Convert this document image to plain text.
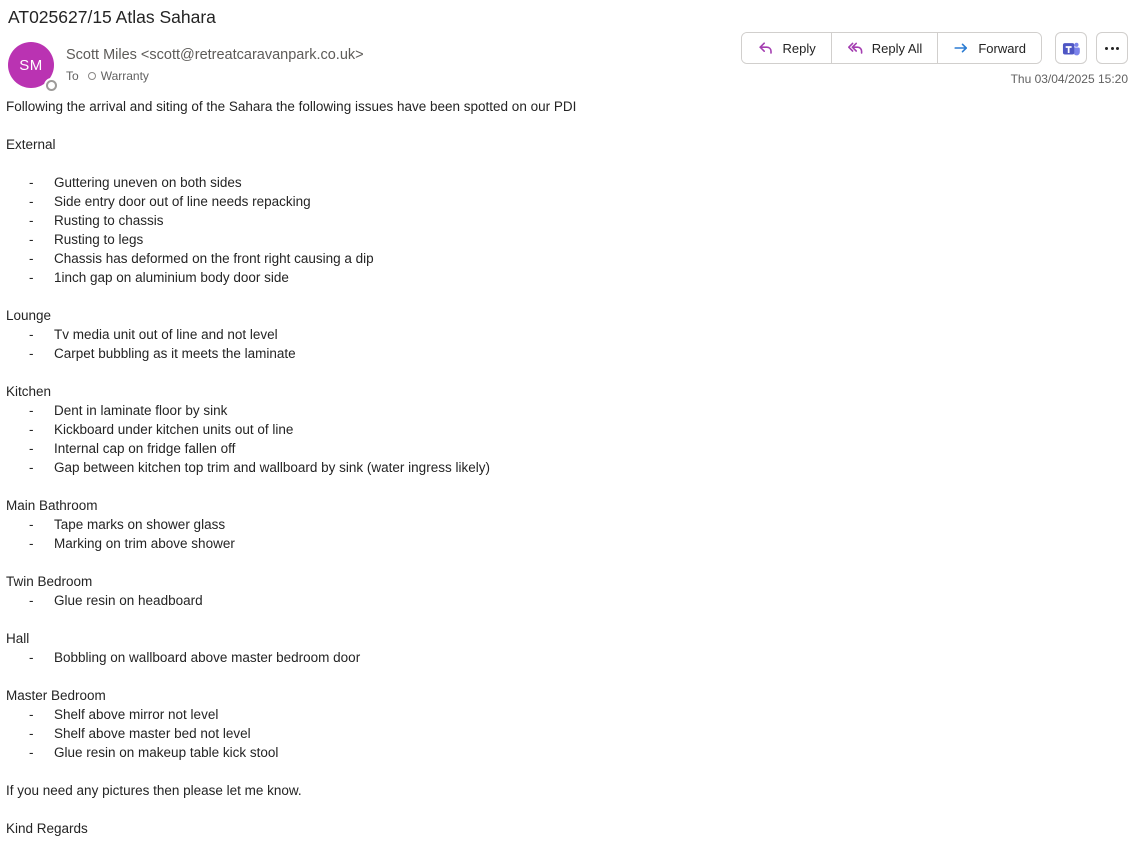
AT025627/15 Atlas Sahara
SM
Scott Miles <scott@retreatcaravanpark.co.uk>
To Warranty
Reply	Reply All	Forward
Thu 03/04/2025 15:20
Following the arrival and siting of the Sahara the following issues have been spotted on our PDI
External
-	Guttering uneven on both sides
-	Side entry door out of line needs repacking
-	Rusting to chassis
-	Rusting to legs
-	Chassis has deformed on the front right causing a dip
-	1inch gap on aluminium body door side
Lounge
-	Tv media unit out of line and not level
-	Carpet bubbling as it meets the laminate
Kitchen
-	Dent in laminate floor by sink
-	Kickboard under kitchen units out of line
-	Internal cap on fridge fallen off
-	Gap between kitchen top trim and wallboard by sink (water ingress likely)
Main Bathroom
-	Tape marks on shower glass
-	Marking on trim above shower
Twin Bedroom
-	Glue resin on headboard
Hall
-	Bobbling on wallboard above master bedroom door
Master Bedroom
-	Shelf above mirror not level
-	Shelf above master bed not level
-	Glue resin on makeup table kick stool
If you need any pictures then please let me know.
Kind Regards
